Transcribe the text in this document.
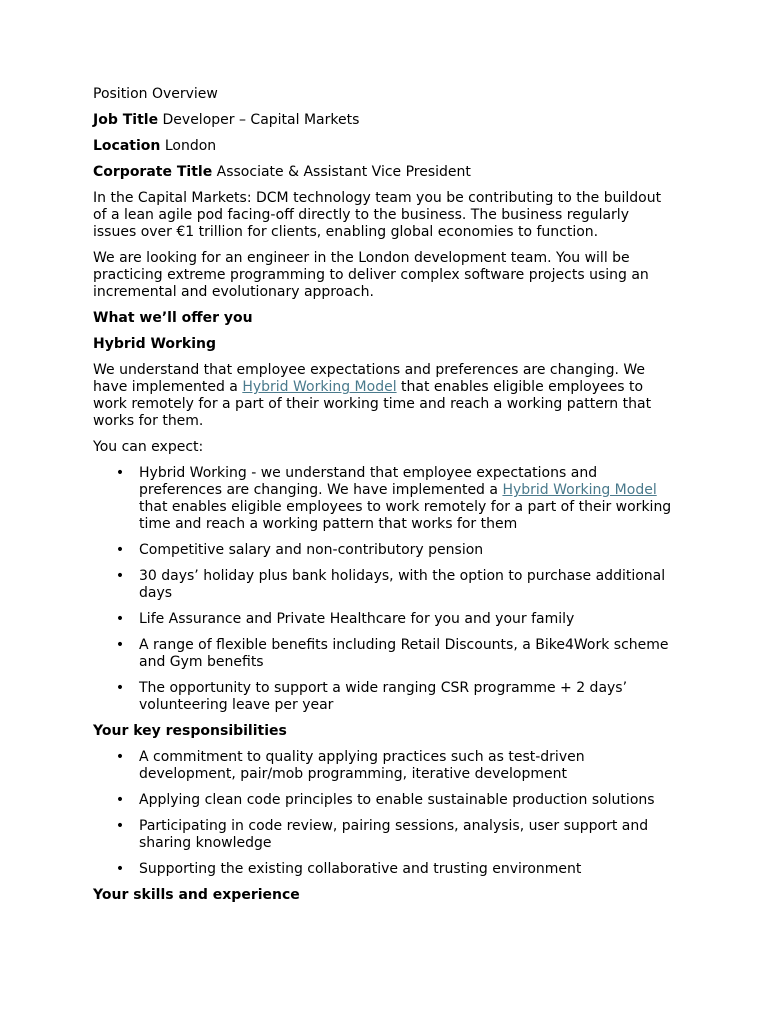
Position Overview

Job Title Developer – Capital Markets

Location London

Corporate Title Associate & Assistant Vice President

In the Capital Markets: DCM technology team you be contributing to the buildout of a lean agile pod facing-off directly to the business. The business regularly issues over €1 trillion for clients, enabling global economies to function.

We are looking for an engineer in the London development team. You will be practicing extreme programming to deliver complex software projects using an incremental and evolutionary approach.

What we’ll offer you

Hybrid Working

We understand that employee expectations and preferences are changing. We have implemented a Hybrid Working Model that enables eligible employees to work remotely for a part of their working time and reach a working pattern that works for them.

You can expect:

• Hybrid Working - we understand that employee expectations and preferences are changing. We have implemented a Hybrid Working Model that enables eligible employees to work remotely for a part of their working time and reach a working pattern that works for them
• Competitive salary and non-contributory pension
• 30 days’ holiday plus bank holidays, with the option to purchase additional days
• Life Assurance and Private Healthcare for you and your family
• A range of flexible benefits including Retail Discounts, a Bike4Work scheme and Gym benefits
• The opportunity to support a wide ranging CSR programme + 2 days’ volunteering leave per year

Your key responsibilities

• A commitment to quality applying practices such as test-driven development, pair/mob programming, iterative development
• Applying clean code principles to enable sustainable production solutions
• Participating in code review, pairing sessions, analysis, user support and sharing knowledge
• Supporting the existing collaborative and trusting environment

Your skills and experience
